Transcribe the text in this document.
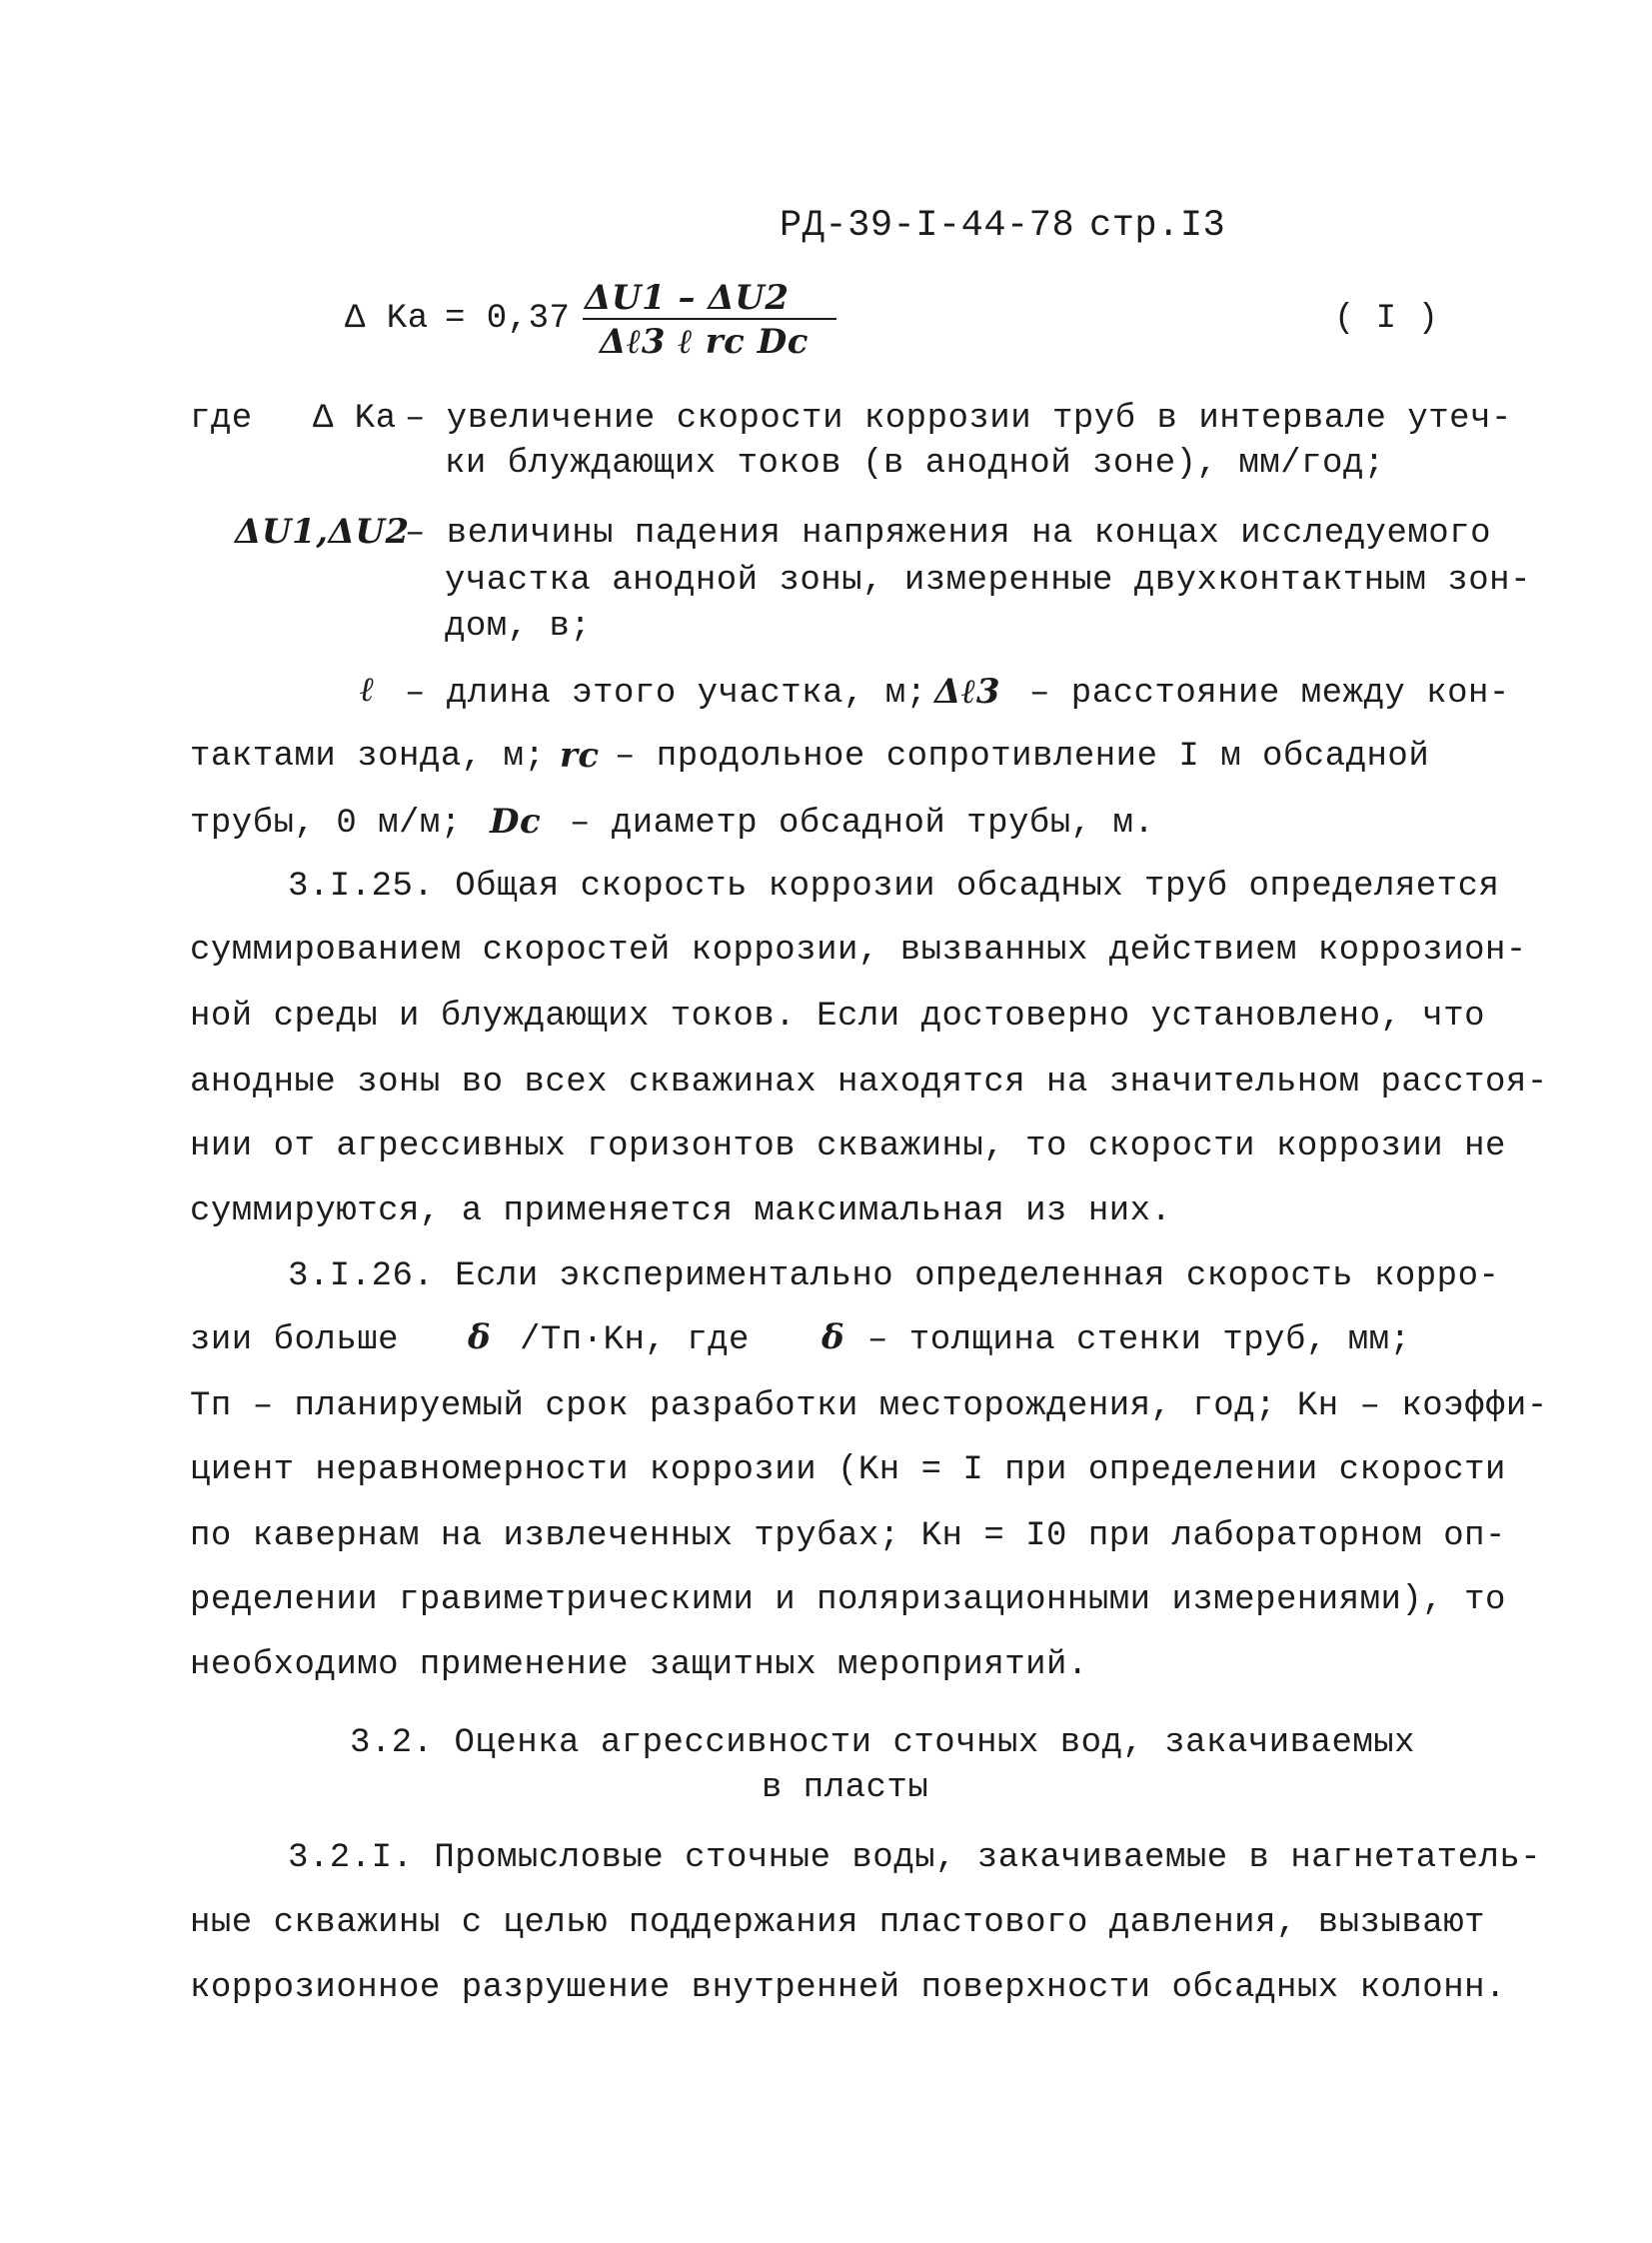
РД-39-I-44-78 стр.I3
Δ Ka = 0,37
ΔU1 – ΔU2
Δℓ3 ℓ rc Dc
( I )
где Δ Ka – увеличение скорости коррозии труб в интервале утеч-
ки блуждающих токов (в анодной зоне), мм/год;
ΔU1,ΔU2
– величины падения напряжения на концах исследуемого
участка анодной зоны, измеренные двухконтактным зон-
дом, в;
ℓ – длина этого участка, м; Δℓ3 – расстояние между кон-
тактами зонда, м; rc – продольное сопротивление I м обсадной
трубы, 0 м/м; Dc – диаметр обсадной трубы, м.
3.I.25. Общая скорость коррозии обсадных труб определяется
суммированием скоростей коррозии, вызванных действием коррозион-
ной среды и блуждающих токов. Если достоверно установлено, что
анодные зоны во всех скважинах находятся на значительном расстоя-
нии от агрессивных горизонтов скважины, то скорости коррозии не
суммируются, а применяется максимальная из них.
3.I.26. Если экспериментально определенная скорость корро-
зии больше δ /Tп·Kн, где δ – толщина стенки труб, мм;
Tп – планируемый срок разработки месторождения, год; Kн – коэффи-
циент неравномерности коррозии (Kн = I при определении скорости
по кавернам на извлеченных трубах; Kн = I0 при лабораторном оп-
ределении гравиметрическими и поляризационными измерениями), то
необходимо применение защитных мероприятий.
3.2. Оценка агрессивности сточных вод, закачиваемых
в пласты
3.2.I. Промысловые сточные воды, закачиваемые в нагнетатель-
ные скважины с целью поддержания пластового давления, вызывают
коррозионное разрушение внутренней поверхности обсадных колонн.
